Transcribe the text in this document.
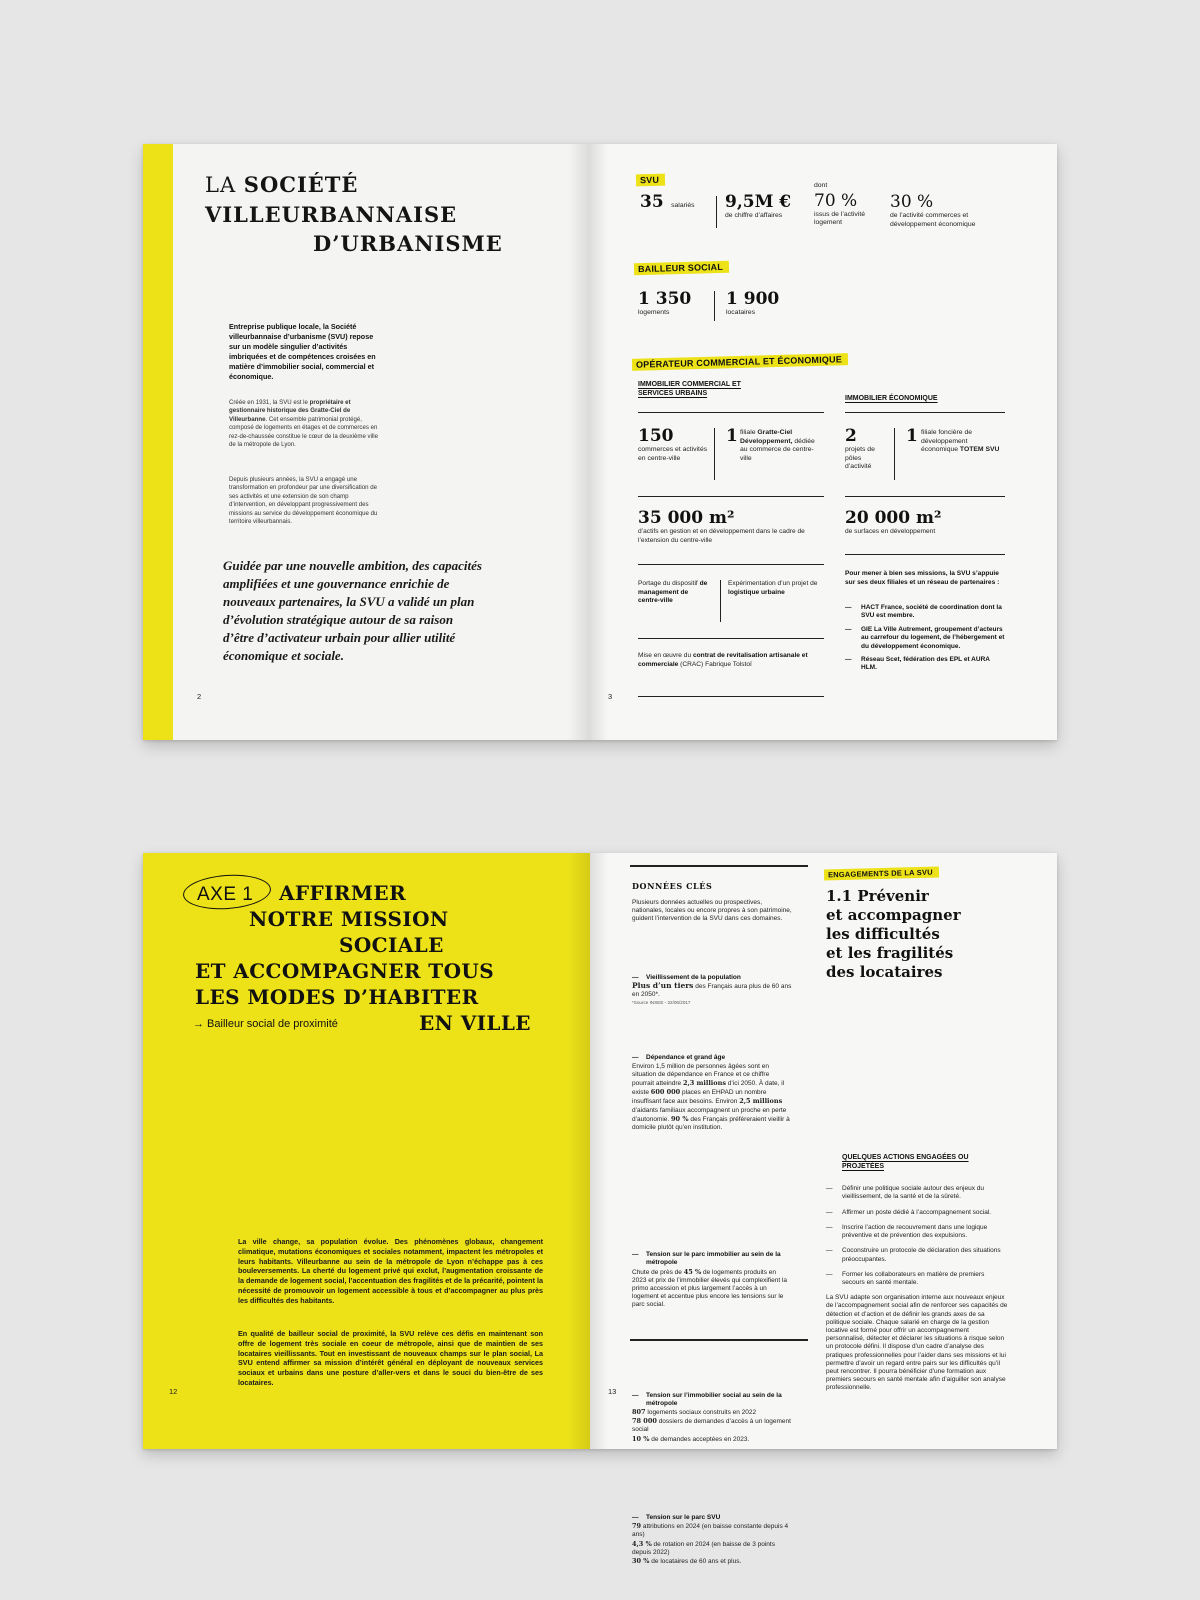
LA SOCIÉTÉ
VILLEURBANNAISE
D’URBANISME

Entreprise publique locale, la Société villeurbannaise d’urbanisme (SVU) repose sur un modèle singulier d’activités imbriquées et de compétences croisées en matière d’immobilier social, commercial et économique.

Créée en 1931, la SVU est le propriétaire et gestionnaire historique des Gratte-Ciel de Villeurbanne. Cet ensemble patrimonial protégé, composé de logements en étages et de commerces en rez-de-chaussée constitue le cœur de la deuxième ville de la métropole de Lyon.

Depuis plusieurs années, la SVU a engagé une transformation en profondeur par une diversification de ses activités et une extension de son champ d’intervention, en développant progressivement des missions au service du développement économique du territoire villeurbannais.

Guidée par une nouvelle ambition, des capacités amplifiées et une gouvernance enrichie de nouveaux partenaires, la SVU a validé un plan d’évolution stratégique autour de sa raison d’être d’activateur urbain pour allier utilité économique et sociale.

2
SVU
35 salariés 9,5M €
de chiffre d’affaires
dont
70 %
issus de l’activité logement
30 %
de l’activité commerces et développement économique
BAILLEUR SOCIAL
1 350
logements
1 900
locataires
OPÉRATEUR COMMERCIAL ET ÉCONOMIQUE
IMMOBILIER COMMERCIAL ET SERVICES URBAINS
150
commerces et activités en centre-ville
1 filiale Gratte-Ciel Développement, dédiée au commerce de centre-ville
35 000 m²
d’actifs en gestion et en développement dans le cadre de l’extension du centre-ville
Portage du dispositif de management de centre-ville
Expérimentation d’un projet de logistique urbaine
Mise en œuvre du contrat de revitalisation artisanale et commerciale (CRAC) Fabrique Tolstoï
3
IMMOBILIER ÉCONOMIQUE
2
projets de pôles d’activité
1 filiale foncière de développement économique TOTEM SVU
20 000 m²
de surfaces en développement
Pour mener à bien ses missions, la SVU s’appuie sur ses deux filiales et un réseau de partenaires :
— HACT France, société de coordination dont la SVU est membre.
— GIE La Ville Autrement, groupement d’acteurs au carrefour du logement, de l’hébergement et du développement économique.
— Réseau Scet, fédération des EPL et AURA HLM.
AXE 1 AFFIRMER
NOTRE MISSION
SOCIALE
ET ACCOMPAGNER TOUS
LES MODES D’HABITER
EN VILLE
→ Bailleur social de proximité

La ville change, sa population évolue. Des phénomènes globaux, changement climatique, mutations économiques et sociales notamment, impactent les métropoles et leurs habitants. Villeurbanne au sein de la métropole de Lyon n’échappe pas à ces bouleversements. La cherté du logement privé qui exclut, l’augmentation croissante de la demande de logement social, l’accentuation des fragilités et de la précarité, pointent la nécessité de promouvoir un logement accessible à tous et d’accompagner au plus près les difficultés des habitants.

En qualité de bailleur social de proximité, la SVU relève ces défis en maintenant son offre de logement très sociale en coeur de métropole, ainsi que de maintien de ses locataires vieillissants. Tout en investissant de nouveaux champs sur le plan social, La SVU entend affirmer sa mission d’intérêt général en déployant de nouveaux services sociaux et urbains dans une posture d’aller-vers et dans le souci du bien-être de ses locataires.

12
DONNÉES CLÉS

Plusieurs données actuelles ou prospectives, nationales, locales ou encore propres à son patrimoine, guident l’intervention de la SVU dans ces domaines.

— Vieillissement de la population
Plus d’un tiers des Français aura plus de 60 ans en 2050*.
*Source INSEE - 22/06/2017
— Dépendance et grand âge
Environ 1,5 million de personnes âgées sont en situation de dépendance en France et ce chiffre pourrait atteindre 2,3 millions d’ici 2050. À date, il existe 600 000 places en EHPAD un nombre insuffisant face aux besoins. Environ 2,5 millions d’aidants familiaux accompagnent un proche en perte d’autonomie. 90 % des Français préféreraient vieillir à domicile plutôt qu’en institution.
— Tension sur le parc immobilier au sein de la métropole
Chute de près de 45 % de logements produits en 2023 et prix de l’immobilier élevés qui complexifient la primo accession et plus largement l’accès à un logement et accentue plus encore les tensions sur le parc social.
— Tension sur l’immobilier social au sein de la métropole
807 logements sociaux construits en 2022
78 000 dossiers de demandes d’accès à un logement social
10 % de demandes acceptées en 2023.
— Tension sur le parc SVU
79 attributions en 2024 (en baisse constante depuis 4 ans)
4,3 % de rotation en 2024 (en baisse de 3 points depuis 2022)
30 % de locataires de 60 ans et plus.
13
ENGAGEMENTS DE LA SVU
1.1 Prévenir
et accompagner
les difficultés
et les fragilités
des locataires

La SVU adapte son organisation interne aux nouveaux enjeux de l’accompagnement social afin de renforcer ses capacités de détection et d’action et de définir les grands axes de sa politique sociale. Chaque salarié en charge de la gestion locative est formé pour offrir un accompagnement personnalisé, détecter et déclarer les situations à risque selon un protocole défini. Il dispose d’un cadre d’analyse des pratiques professionnelles pour l’aider dans ses missions et lui permettre d’avoir un regard entre pairs sur les difficultés qu’il peut rencontrer. Il pourra bénéficier d’une formation aux premiers secours en santé mentale afin d’aiguiller son analyse professionnelle.

QUELQUES ACTIONS ENGAGÉES OU PROJETÉES
— Définir une politique sociale autour des enjeux du vieillissement, de la santé et de la sûreté.
— Affirmer un poste dédié à l’accompagnement social.
— Inscrire l’action de recouvrement dans une logique préventive et de prévention des expulsions.
— Coconstruire un protocole de déclaration des situations préoccupantes.
— Former les collaborateurs en matière de premiers secours en santé mentale.
